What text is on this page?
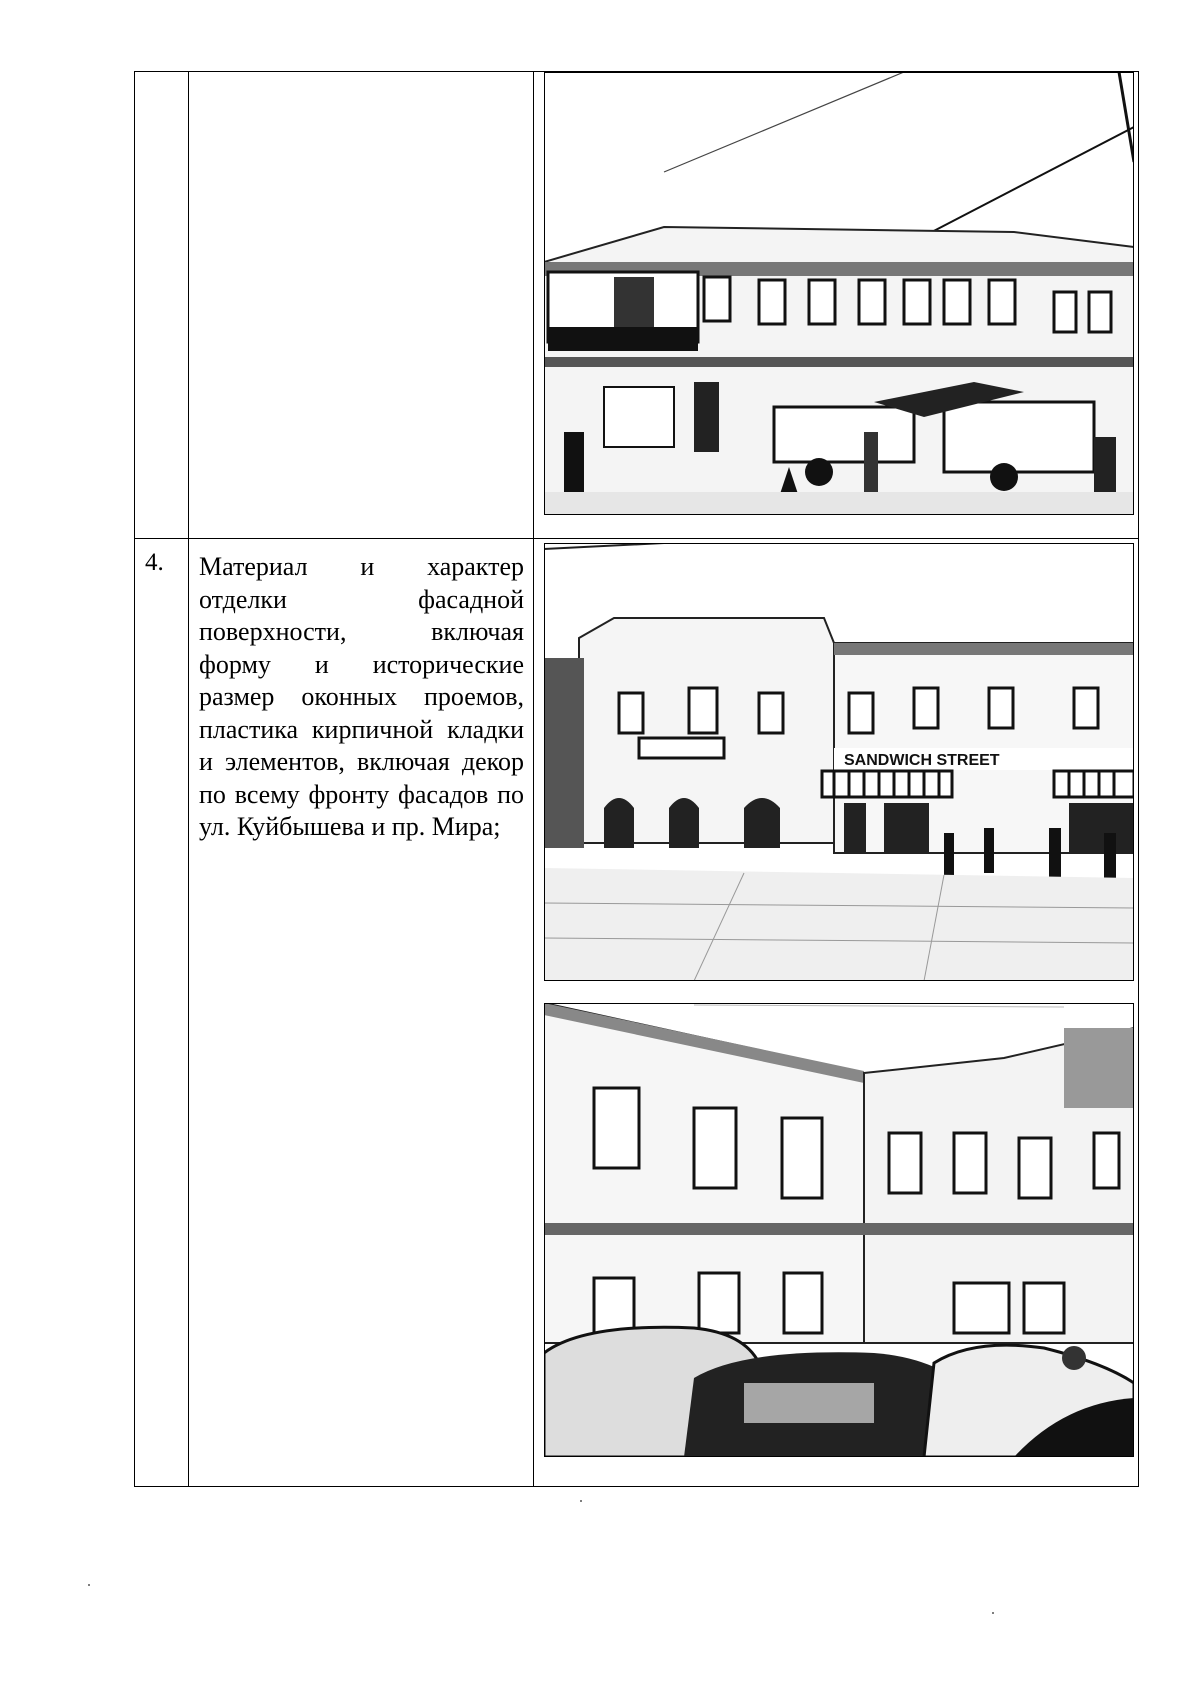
4.	Материал и характер отделки фасадной поверхности, включая форму и исторические размер оконных проемов, пластика кирпичной кладки и элементов, включая декор по всему фронту фасадов по ул. Куйбышева и пр. Мира;	SANDWICH STREET
